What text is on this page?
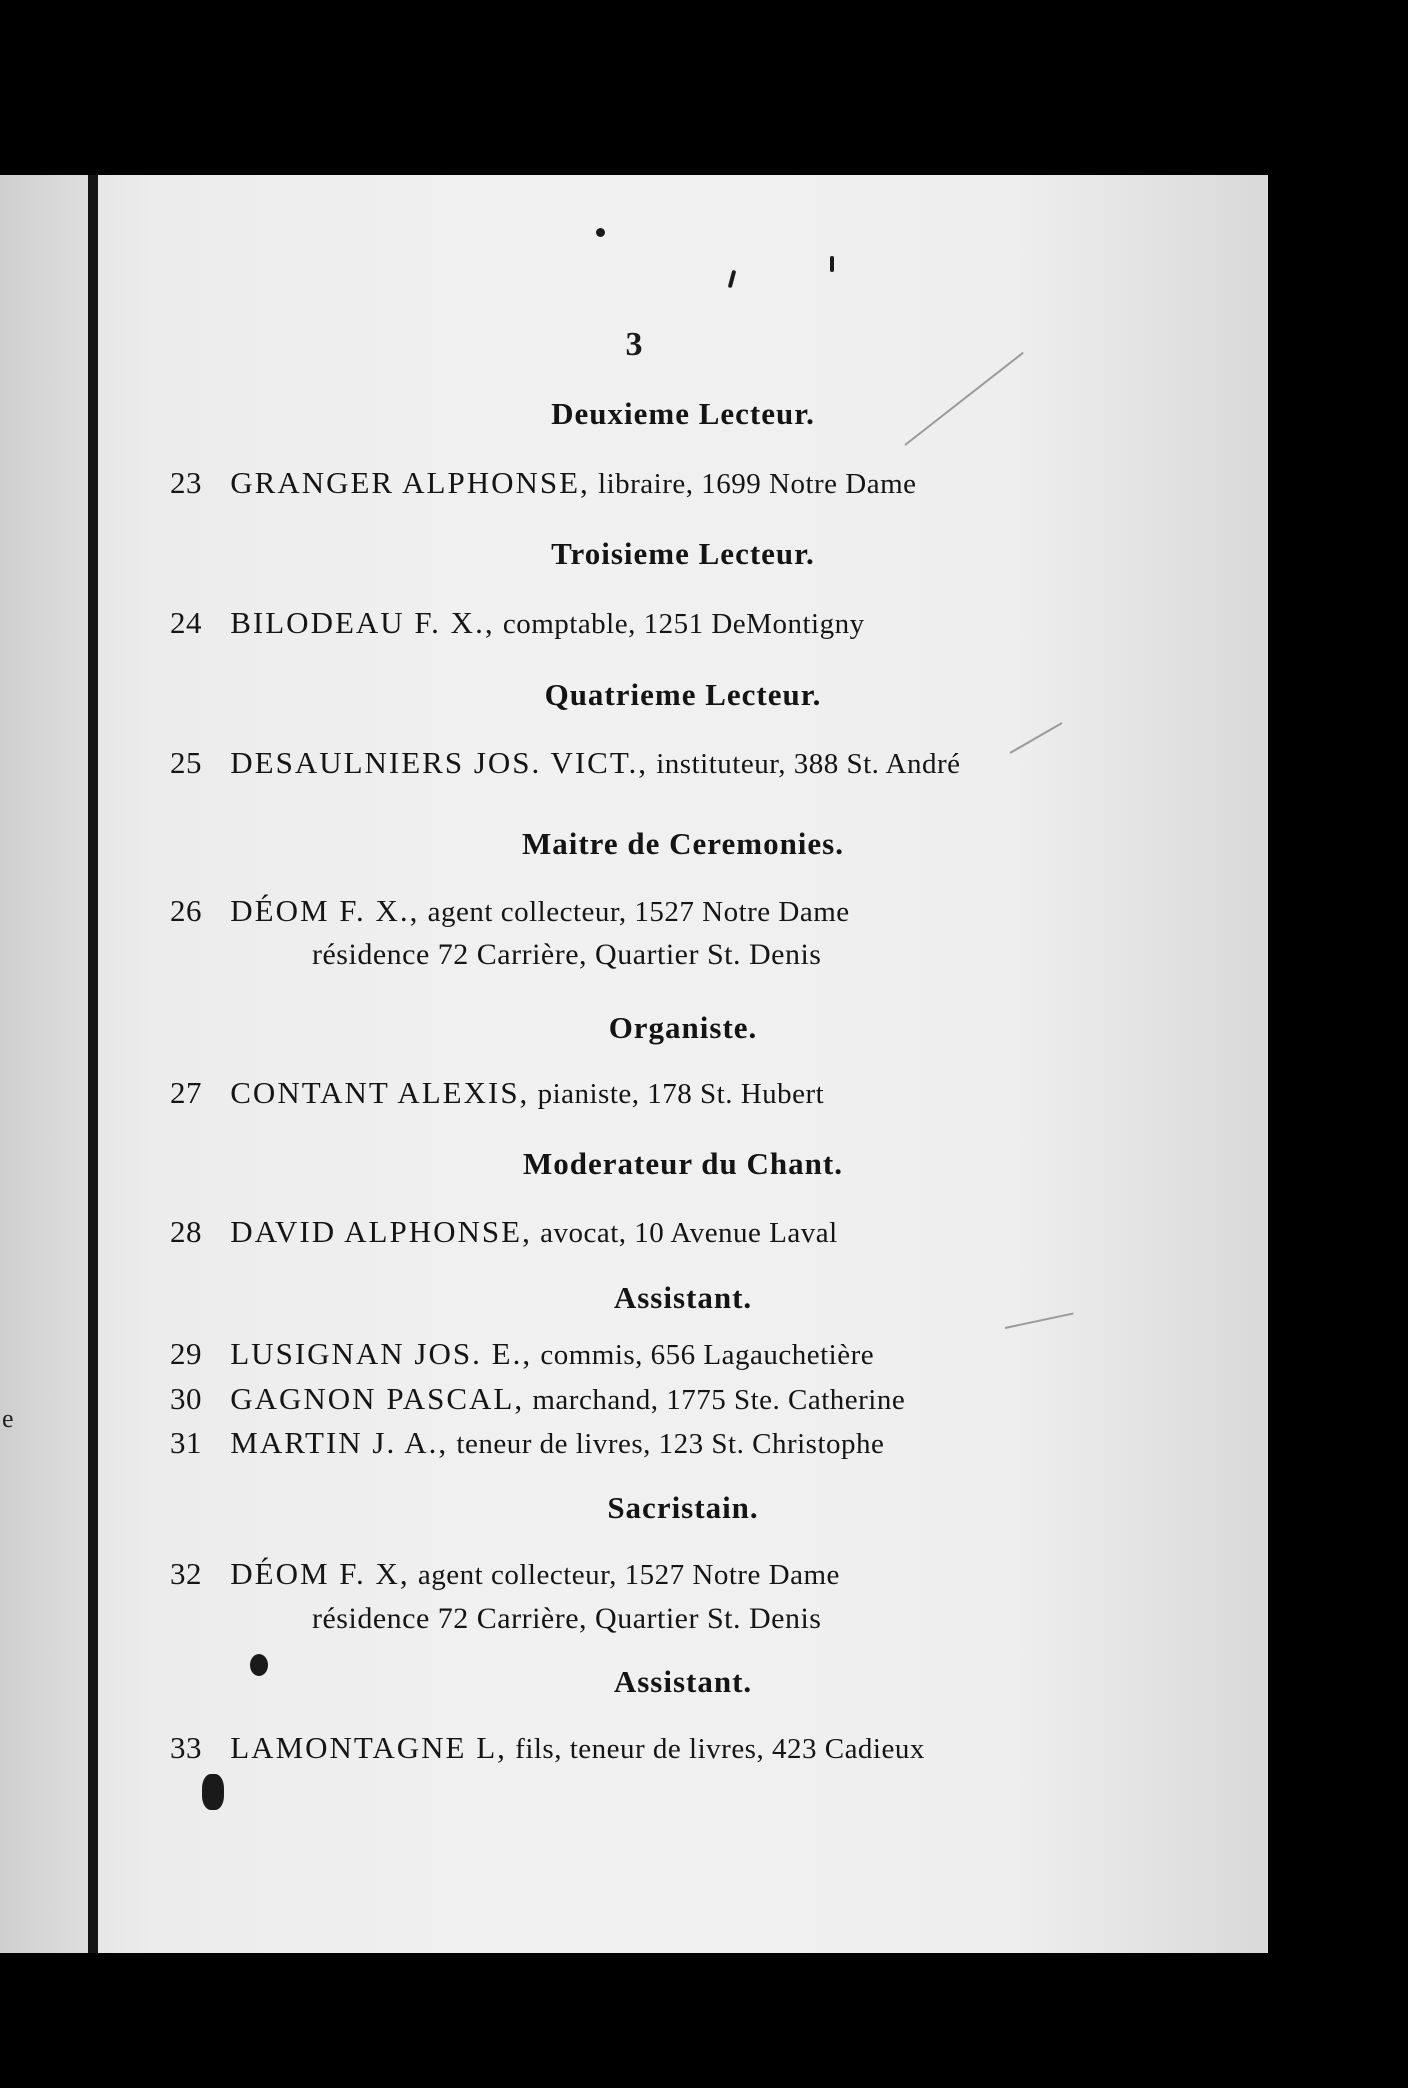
e
3
Deuxieme Lecteur.
23 GRANGER ALPHONSE, libraire, 1699 Notre Dame
Troisieme Lecteur.
24 BILODEAU F. X., comptable, 1251 DeMontigny
Quatrieme Lecteur.
25 DESAULNIERS JOS. VICT., instituteur, 388 St. André
Maitre de Ceremonies.
26 DÉOM F. X., agent collecteur, 1527 Notre Dame
résidence 72 Carrière, Quartier St. Denis
Organiste.
27 CONTANT ALEXIS, pianiste, 178 St. Hubert
Moderateur du Chant.
28 DAVID ALPHONSE, avocat, 10 Avenue Laval
Assistant.
29 LUSIGNAN JOS. E., commis, 656 Lagauchetière
30 GAGNON PASCAL, marchand, 1775 Ste. Catherine
31 MARTIN J. A., teneur de livres, 123 St. Christophe
Sacristain.
32 DÉOM F. X, agent collecteur, 1527 Notre Dame
résidence 72 Carrière, Quartier St. Denis
Assistant.
33 LAMONTAGNE L, fils, teneur de livres, 423 Cadieux
